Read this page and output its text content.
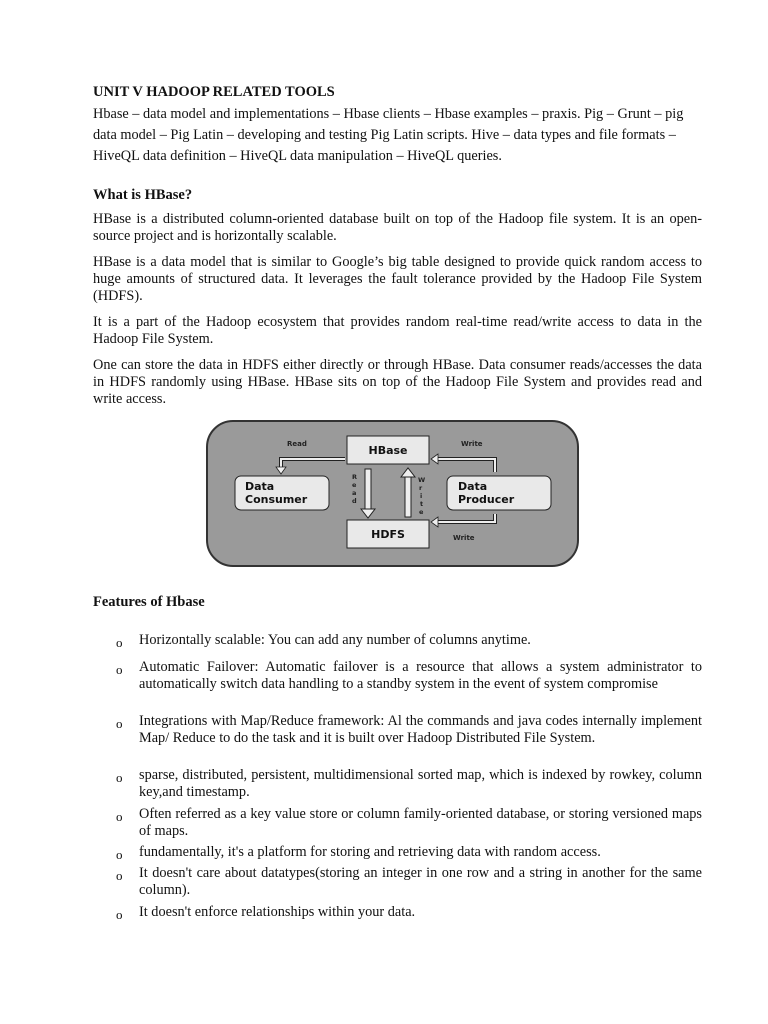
UNIT V HADOOP RELATED TOOLS
Hbase – data model and implementations – Hbase clients – Hbase examples – praxis. Pig – Grunt – pig data model – Pig Latin – developing and testing Pig Latin scripts. Hive – data types and file formats – HiveQL data definition – HiveQL data manipulation – HiveQL queries.
What is HBase?
HBase is a distributed column-oriented database built on top of the Hadoop file system. It is an open-source project and is horizontally scalable.
HBase is a data model that is similar to Google’s big table designed to provide quick random access to huge amounts of structured data. It leverages the fault tolerance provided by the Hadoop File System (HDFS).
It is a part of the Hadoop ecosystem that provides random real-time read/write access to data in the Hadoop File System.
One can store the data in HDFS either directly or through HBase. Data consumer reads/accesses the data in HDFS randomly using HBase. HBase sits on top of the Hadoop File System and provides read and write access.
HBase
HDFS
Data
Consumer
Data
Producer
Read	Write
Write
R
e
a
d
W
r
i
t
e
Features of Hbase
o Horizontally scalable: You can add any number of columns anytime.
o Automatic Failover: Automatic failover is a resource that allows a system administrator to automatically switch data handling to a standby system in the event of system compromise
o Integrations with Map/Reduce framework: Al the commands and java codes internally implement Map/ Reduce to do the task and it is built over Hadoop Distributed File System.
o sparse, distributed, persistent, multidimensional sorted map, which is indexed by rowkey, column key,and timestamp.
o Often referred as a key value store or column family-oriented database, or storing versioned maps of maps.
o fundamentally, it's a platform for storing and retrieving data with random access.
o It doesn't care about datatypes(storing an integer in one row and a string in another for the same column).
o It doesn't enforce relationships within your data.
